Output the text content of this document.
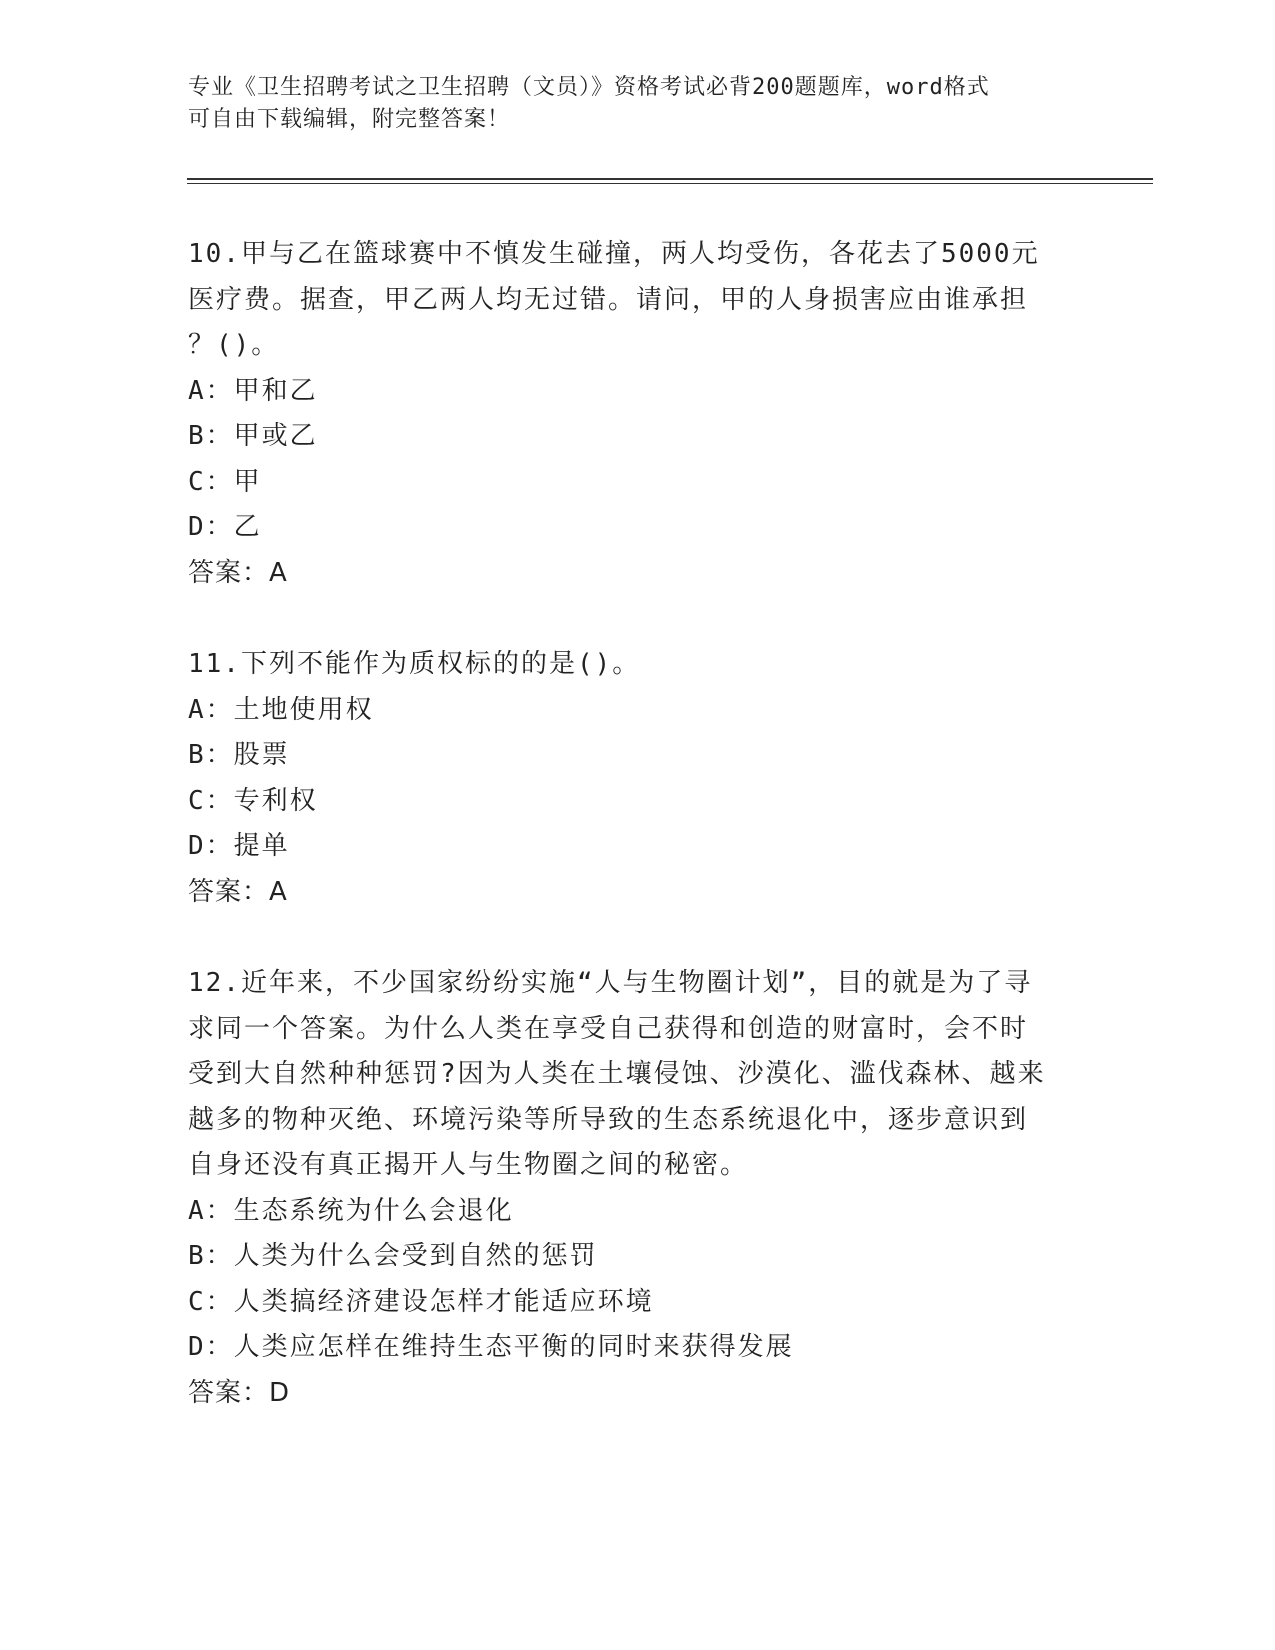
专业《卫生招聘考试之卫生招聘（文员）》资格考试必背200题题库，word格式
可自由下载编辑，附完整答案！
10.甲与乙在篮球赛中不慎发生碰撞，两人均受伤，各花去了5000元
医疗费。据查，甲乙两人均无过错。请问，甲的人身损害应由谁承担
？()。
A：甲和乙
B：甲或乙
C：甲
D：乙
答案：A
11.下列不能作为质权标的的是()。
A：土地使用权
B：股票
C：专利权
D：提单
答案：A
12.近年来，不少国家纷纷实施“人与生物圈计划”，目的就是为了寻
求同一个答案。为什么人类在享受自己获得和创造的财富时，会不时
受到大自然种种惩罚?因为人类在土壤侵蚀、沙漠化、滥伐森林、越来
越多的物种灭绝、环境污染等所导致的生态系统退化中，逐步意识到
自身还没有真正揭开人与生物圈之间的秘密。
A：生态系统为什么会退化
B：人类为什么会受到自然的惩罚
C：人类搞经济建设怎样才能适应环境
D：人类应怎样在维持生态平衡的同时来获得发展
答案：D
